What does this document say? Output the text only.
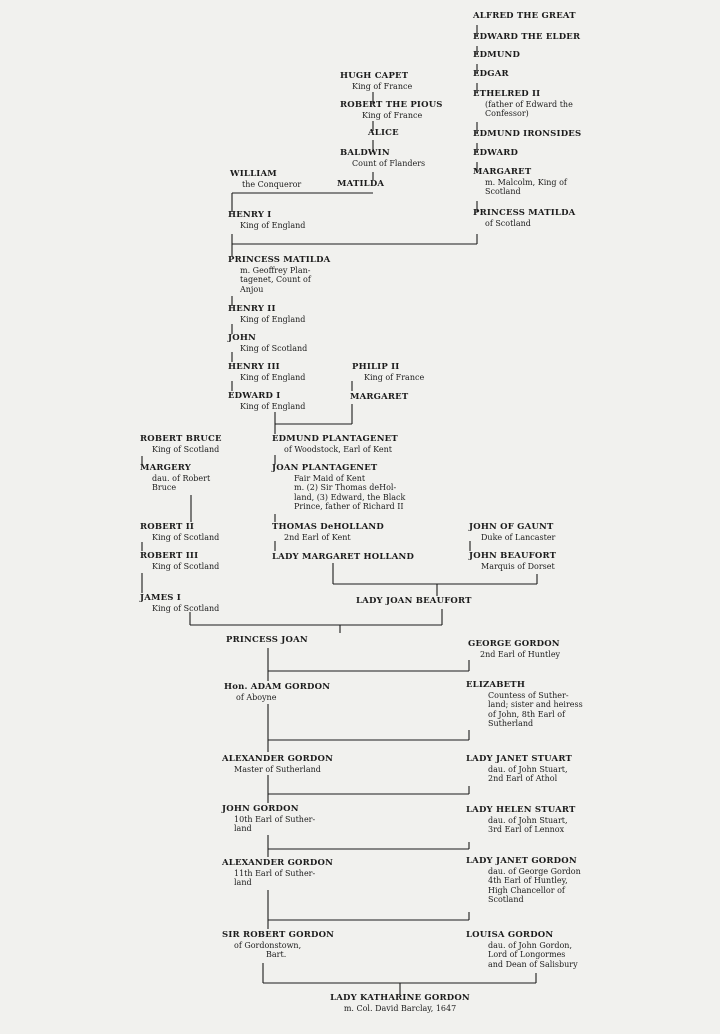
ALFRED THE GREAT
EDWARD THE ELDER
EDMUND
EDGAR
ETHELRED II
(father of Edward the
Confessor)
EDMUND IRONSIDES
EDWARD
MARGARET
m. Malcolm, King of
Scotland
PRINCESS MATILDA
of Scotland
HUGH CAPET
King of France
ROBERT THE PIOUS
King of France
ALICE
BALDWIN
Count of Flanders
WILLIAM
the Conqueror	MATILDA
HENRY I
King of England
PRINCESS MATILDA
m. Geoffrey Plan-
tagenet, Count of
Anjou
HENRY II
King of England
JOHN
King of Scotland
HENRY III
King of England
PHILIP II
King of France
EDWARD I
King of England
MARGARET
ROBERT BRUCE
King of Scotland
EDMUND PLANTAGENET
of Woodstock, Earl of Kent
MARGERY
dau. of Robert
Bruce
JOAN PLANTAGENET
Fair Maid of Kent
m. (2) Sir Thomas deHol-
land, (3) Edward, the Black
Prince, father of Richard II
ROBERT II
King of Scotland
THOMAS DeHOLLAND
2nd Earl of Kent
JOHN OF GAUNT
Duke of Lancaster
ROBERT III
King of Scotland
LADY MARGARET HOLLAND	JOHN BEAUFORT
Marquis of Dorset
JAMES I
King of Scotland
LADY JOAN BEAUFORT
PRINCESS JOAN	GEORGE GORDON
2nd Earl of Huntley
Hon. ADAM GORDON
of Aboyne
ELIZABETH
Countess of Suther-
land; sister and heiress
of John, 8th Earl of
Sutherland
ALEXANDER GORDON
Master of Sutherland
LADY JANET STUART
dau. of John Stuart,
2nd Earl of Athol
JOHN GORDON
10th Earl of Suther-
land
LADY HELEN STUART
dau. of John Stuart,
3rd Earl of Lennox
ALEXANDER GORDON
11th Earl of Suther-
land
LADY JANET GORDON
dau. of George Gordon
4th Earl of Huntley,
High Chancellor of
Scotland
SIR ROBERT GORDON
of Gordonstown,
Bart.
LOUISA GORDON
dau. of John Gordon,
Lord of Longormes
and Dean of Salisbury
LADY KATHARINE GORDON
m. Col. David Barclay, 1647
